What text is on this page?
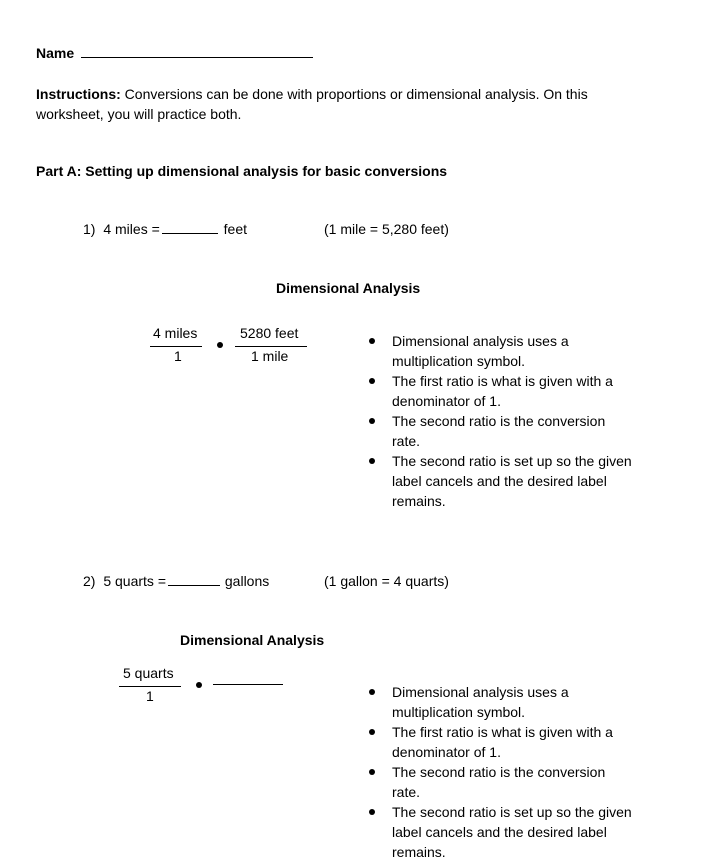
Name
Instructions: Conversions can be done with proportions or dimensional analysis. On this worksheet, you will practice both.
Part A: Setting up dimensional analysis for basic conversions
1) 4 miles =	feet	(1 mile = 5,280 feet)
Dimensional Analysis
4 miles
1
5280 feet
1 mile
Dimensional analysis uses a multiplication symbol.
The first ratio is what is given with a denominator of 1.
The second ratio is the conversion rate.
The second ratio is set up so the given label cancels and the desired label remains.
2) 5 quarts =	gallons	(1 gallon = 4 quarts)
Dimensional Analysis
5 quarts
1	Dimensional analysis uses a multiplication symbol.
The first ratio is what is given with a denominator of 1.
The second ratio is the conversion rate.
The second ratio is set up so the given label cancels and the desired label remains.
